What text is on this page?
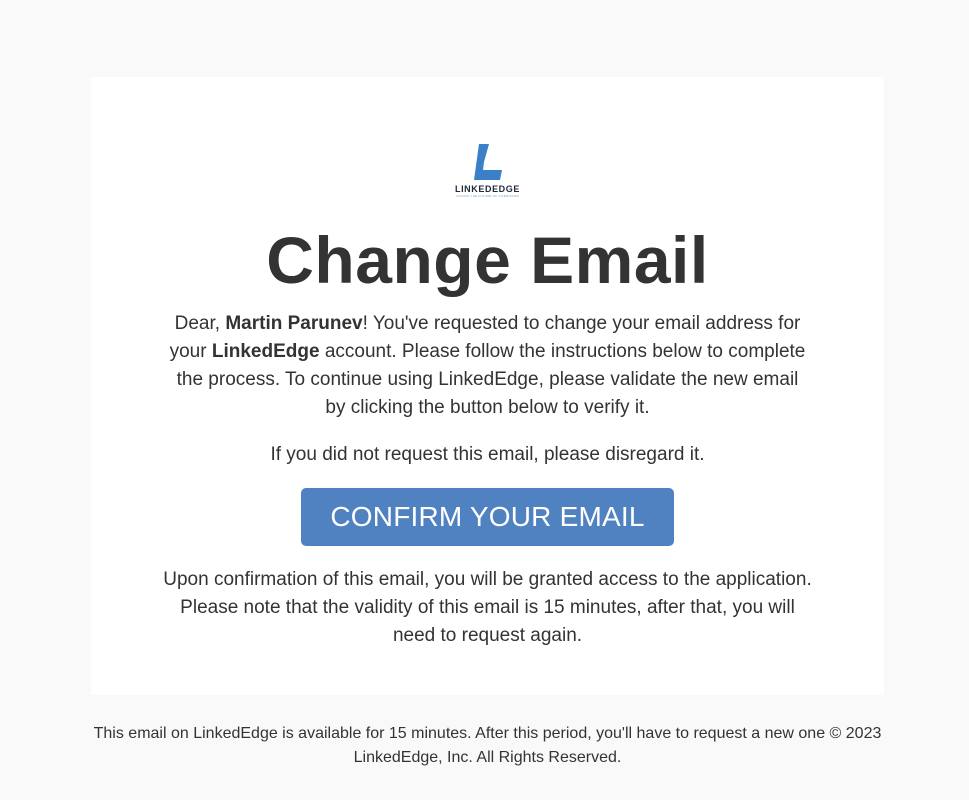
LINKEDEDGE
UNLOCK THE FUTURE OF INTERVIEWS
Change Email

Dear, Martin Parunev! You've requested to change your email address for your LinkedEdge account. Please follow the instructions below to complete the process. To continue using LinkedEdge, please validate the new email by clicking the button below to verify it.

If you did not request this email, please disregard it.

CONFIRM YOUR EMAIL

Upon confirmation of this email, you will be granted access to the application. Please note that the validity of this email is 15 minutes, after that, you will need to request again.

This email on LinkedEdge is available for 15 minutes. After this period, you'll have to request a new one © 2023 LinkedEdge, Inc. All Rights Reserved.
